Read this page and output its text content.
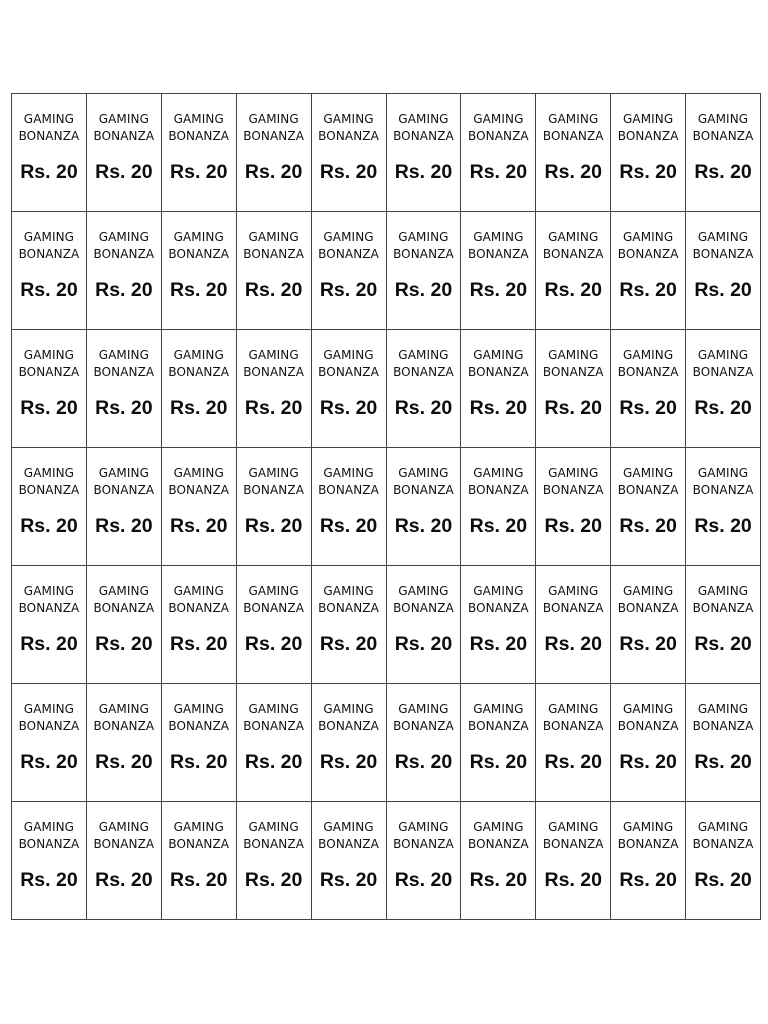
GAMING
BONANZA
Rs. 20
GAMING
BONANZA
Rs. 20
GAMING
BONANZA
Rs. 20
GAMING
BONANZA
Rs. 20
GAMING
BONANZA
Rs. 20
GAMING
BONANZA
Rs. 20
GAMING
BONANZA
Rs. 20
GAMING
BONANZA
Rs. 20
GAMING
BONANZA
Rs. 20
GAMING
BONANZA
Rs. 20
GAMING
BONANZA
Rs. 20
GAMING
BONANZA
Rs. 20
GAMING
BONANZA
Rs. 20
GAMING
BONANZA
Rs. 20
GAMING
BONANZA
Rs. 20
GAMING
BONANZA
Rs. 20
GAMING
BONANZA
Rs. 20
GAMING
BONANZA
Rs. 20
GAMING
BONANZA
Rs. 20
GAMING
BONANZA
Rs. 20
GAMING
BONANZA
Rs. 20
GAMING
BONANZA
Rs. 20
GAMING
BONANZA
Rs. 20
GAMING
BONANZA
Rs. 20
GAMING
BONANZA
Rs. 20
GAMING
BONANZA
Rs. 20
GAMING
BONANZA
Rs. 20
GAMING
BONANZA
Rs. 20
GAMING
BONANZA
Rs. 20
GAMING
BONANZA
Rs. 20
GAMING
BONANZA
Rs. 20
GAMING
BONANZA
Rs. 20
GAMING
BONANZA
Rs. 20
GAMING
BONANZA
Rs. 20
GAMING
BONANZA
Rs. 20
GAMING
BONANZA
Rs. 20
GAMING
BONANZA
Rs. 20
GAMING
BONANZA
Rs. 20
GAMING
BONANZA
Rs. 20
GAMING
BONANZA
Rs. 20
GAMING
BONANZA
Rs. 20
GAMING
BONANZA
Rs. 20
GAMING
BONANZA
Rs. 20
GAMING
BONANZA
Rs. 20
GAMING
BONANZA
Rs. 20
GAMING
BONANZA
Rs. 20
GAMING
BONANZA
Rs. 20
GAMING
BONANZA
Rs. 20
GAMING
BONANZA
Rs. 20
GAMING
BONANZA
Rs. 20
GAMING
BONANZA
Rs. 20
GAMING
BONANZA
Rs. 20
GAMING
BONANZA
Rs. 20
GAMING
BONANZA
Rs. 20
GAMING
BONANZA
Rs. 20
GAMING
BONANZA
Rs. 20
GAMING
BONANZA
Rs. 20
GAMING
BONANZA
Rs. 20
GAMING
BONANZA
Rs. 20
GAMING
BONANZA
Rs. 20
GAMING
BONANZA
Rs. 20
GAMING
BONANZA
Rs. 20
GAMING
BONANZA
Rs. 20
GAMING
BONANZA
Rs. 20
GAMING
BONANZA
Rs. 20
GAMING
BONANZA
Rs. 20
GAMING
BONANZA
Rs. 20
GAMING
BONANZA
Rs. 20
GAMING
BONANZA
Rs. 20
GAMING
BONANZA
Rs. 20
